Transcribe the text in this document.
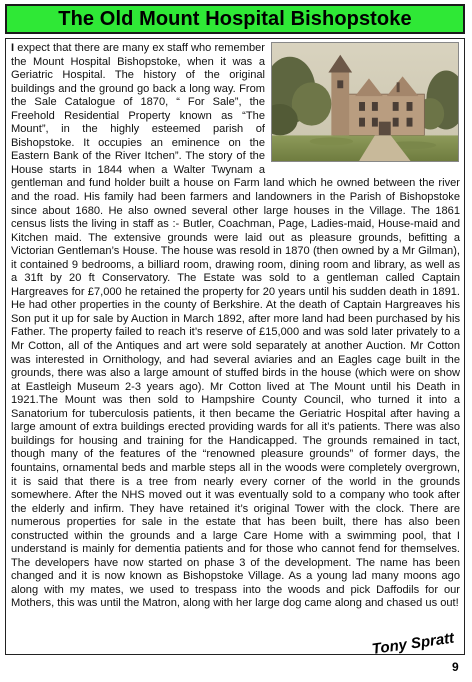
The Old Mount Hospital Bishopstoke

I expect that there are many ex staff who remember the Mount Hospital Bishopstoke, when it was a Geriatric Hospital. The history of the original buildings and the ground go back a long way. From the Sale Catalogue of 1870, “ For Sale”, the Freehold Residential Property known as “The Mount”, in the highly esteemed parish of Bishopstoke. It occupies an eminence on the Eastern Bank of the River Itchen”. The story of the House starts in 1844 when a Walter Twynam a gentleman and fund holder built a house on Farm land which he owned between the river and the road. His family had been farmers and landowners in the Parish of Bishopstoke since about 1680. He also owned several other large houses in the Village. The 1861 census lists the living in staff as :- Butler, Coachman, Page, Ladies-maid, House-maid and Kitchen maid. The extensive grounds were laid out as pleasure grounds, befitting a Victorian Gentleman’s House. The house was resold in 1870 (then owned by a Mr Gilman), it contained 9 bedrooms, a billiard room, drawing room, dining room and library, as well as a 31ft by 20 ft Conservatory. The Estate was sold to a gentleman called Captain Hargreaves for £7,000 he retained the property for 20 years until his sudden death in 1891. He had other properties in the county of Berkshire. At the death of Captain Hargreaves his Son put it up for sale by Auction in March 1892, after more land had been purchased by his Father. The property failed to reach it’s reserve of £15,000 and was sold later privately to a Mr Cotton, all of the Antiques and art were sold separately at another Auction. Mr Cotton was interested in Ornithology, and had several aviaries and an Eagles cage built in the grounds, there was also a large amount of stuffed birds in the house (which were on show at Eastleigh Museum 2-3 years ago). Mr Cotton lived at The Mount until his Death in 1921.The Mount was then sold to Hampshire County Council, who turned it into a Sanatorium for tuberculosis patients, it then became the Geriatric Hospital after having a large amount of extra buildings erected providing wards for all it’s patients. There was also buildings for housing and training for the Handicapped. The grounds remained in tact, though many of the features of the “renowned pleasure grounds” of former days, the fountains, ornamental beds and marble steps all in the woods were completely overgrown, it is said that there is a tree from nearly every corner of the world in the grounds somewhere. After the NHS moved out it was eventually sold to a company who took after the elderly and infirm. They have retained it’s original Tower with the clock. There are numerous properties for sale in the estate that has been built, there has also been constructed within the grounds and a large Care Home with a swimming pool, that I understand is mainly for dementia patients and for those who cannot fend for themselves. The developers have now started on phase 3 of the development. The name has been changed and it is now known as Bishopstoke Village. As a young lad many moons ago along with my mates, we used to trespass into the woods and pick Daffodils for our Mothers, this was until the Matron, along with her large dog came along and chased us out!

Tony Spratt
9
